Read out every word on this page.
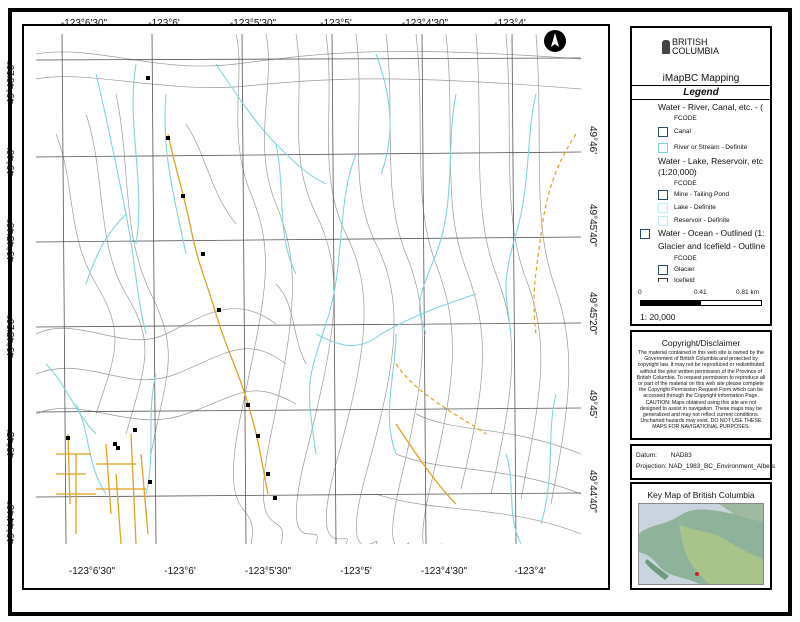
-123°6'30"	-123°6'	-123°5'30"	-123°5'	-123°4'30"	-123°4'
-123°6'30"	-123°6'	-123°5'30"	-123°5'	-123°4'30"	-123°4'
49°46'20"
49°46'
49°45'40"
49°45'20"
49°45'
49°44'40"
49°46'
49°45'40"
49°45'20"
49°45'
49°44'40"
BRITISH
COLUMBIA
iMapBC Mapping
Legend
Water - River, Canal, etc. - (
FCODE
Canal
River or Stream - Definite
Water - Lake, Reservoir, etc
(1:20,000)
FCODE
Mine - Tailing Pond
Lake - Definite
Reservoir - Definite
Water - Ocean - Outlined (1:
Glacier and Icefield - Outline
FCODE
Glacier
Icefield
0	0.41	0.81 km
1: 20,000
Copyright/Disclaimer
The material contained in this web site is owned by the Government of British Columbia and protected by copyright law. It may not be reproduced or redistributed without the prior written permission of the Province of British Columbia. To request permission to reproduce all or part of the material on this web site please complete the Copyright Permission Request Form which can be accessed through the Copyright Information Page. CAUTION: Maps obtained using this site are not designed to assist in navigation. These maps may be generalized and may not reflect current conditions. Uncharted hazards may exist. DO NOT USE THESE MAPS FOR NAVIGATIONAL PURPOSES.
Datum: NAD83
Projection: NAD_1983_BC_Environment_Albers
Key Map of British Columbia
